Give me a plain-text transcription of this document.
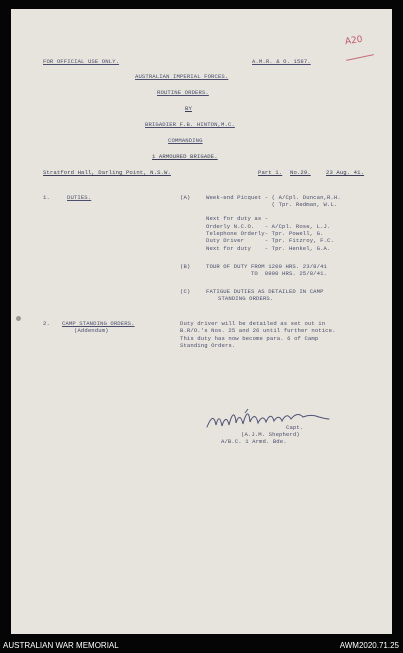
A20
FOR OFFICIAL USE ONLY.	A.M.R. & O. 1587.
AUSTRALIAN IMPERIAL FORCES.
ROUTINE ORDERS.
BY
BRIGADIER F.B. HINTON,M.C.
COMMANDING
1 ARMOURED BRIGADE.
Stratford Hall, Darling Point, N.S.W.	Part 1. No.29.	23 Aug. 41.
1.	DUTIES.	(A)	Week-end Picquet - ( A/Cpl. Duncan,R.H.
( Tpr. Redman, W.L.
Next for duty as -
Orderly N.C.O.   - A/Cpl. Rose, L.J.
Telephone Orderly- Tpr. Powell, G.
Duty Driver      - Tpr. Fitzroy, F.C.
Next for duty    - Tpr. Henkel, G.A.
(B)	TOUR OF DUTY FROM 1200 HRS. 23/8/41
TO  0900 HRS. 25/8/41.
(C)	FATIGUE DUTIES AS DETAILED IN CAMP
STANDING ORDERS.
2. CAMP STANDING ORDERS.
(Addendum)
Duty driver will be detailed as set out in
B.R/O.'s Nos. 25 and 26 until further notice.
This duty has now become para. 6 of Camp
Standing Orders.
Capt.
(A.J.M. Shepherd)
A/B.C. 1 Armd. Bde.
AUSTRALIAN WAR MEMORIAL	AWM2020.71.25
